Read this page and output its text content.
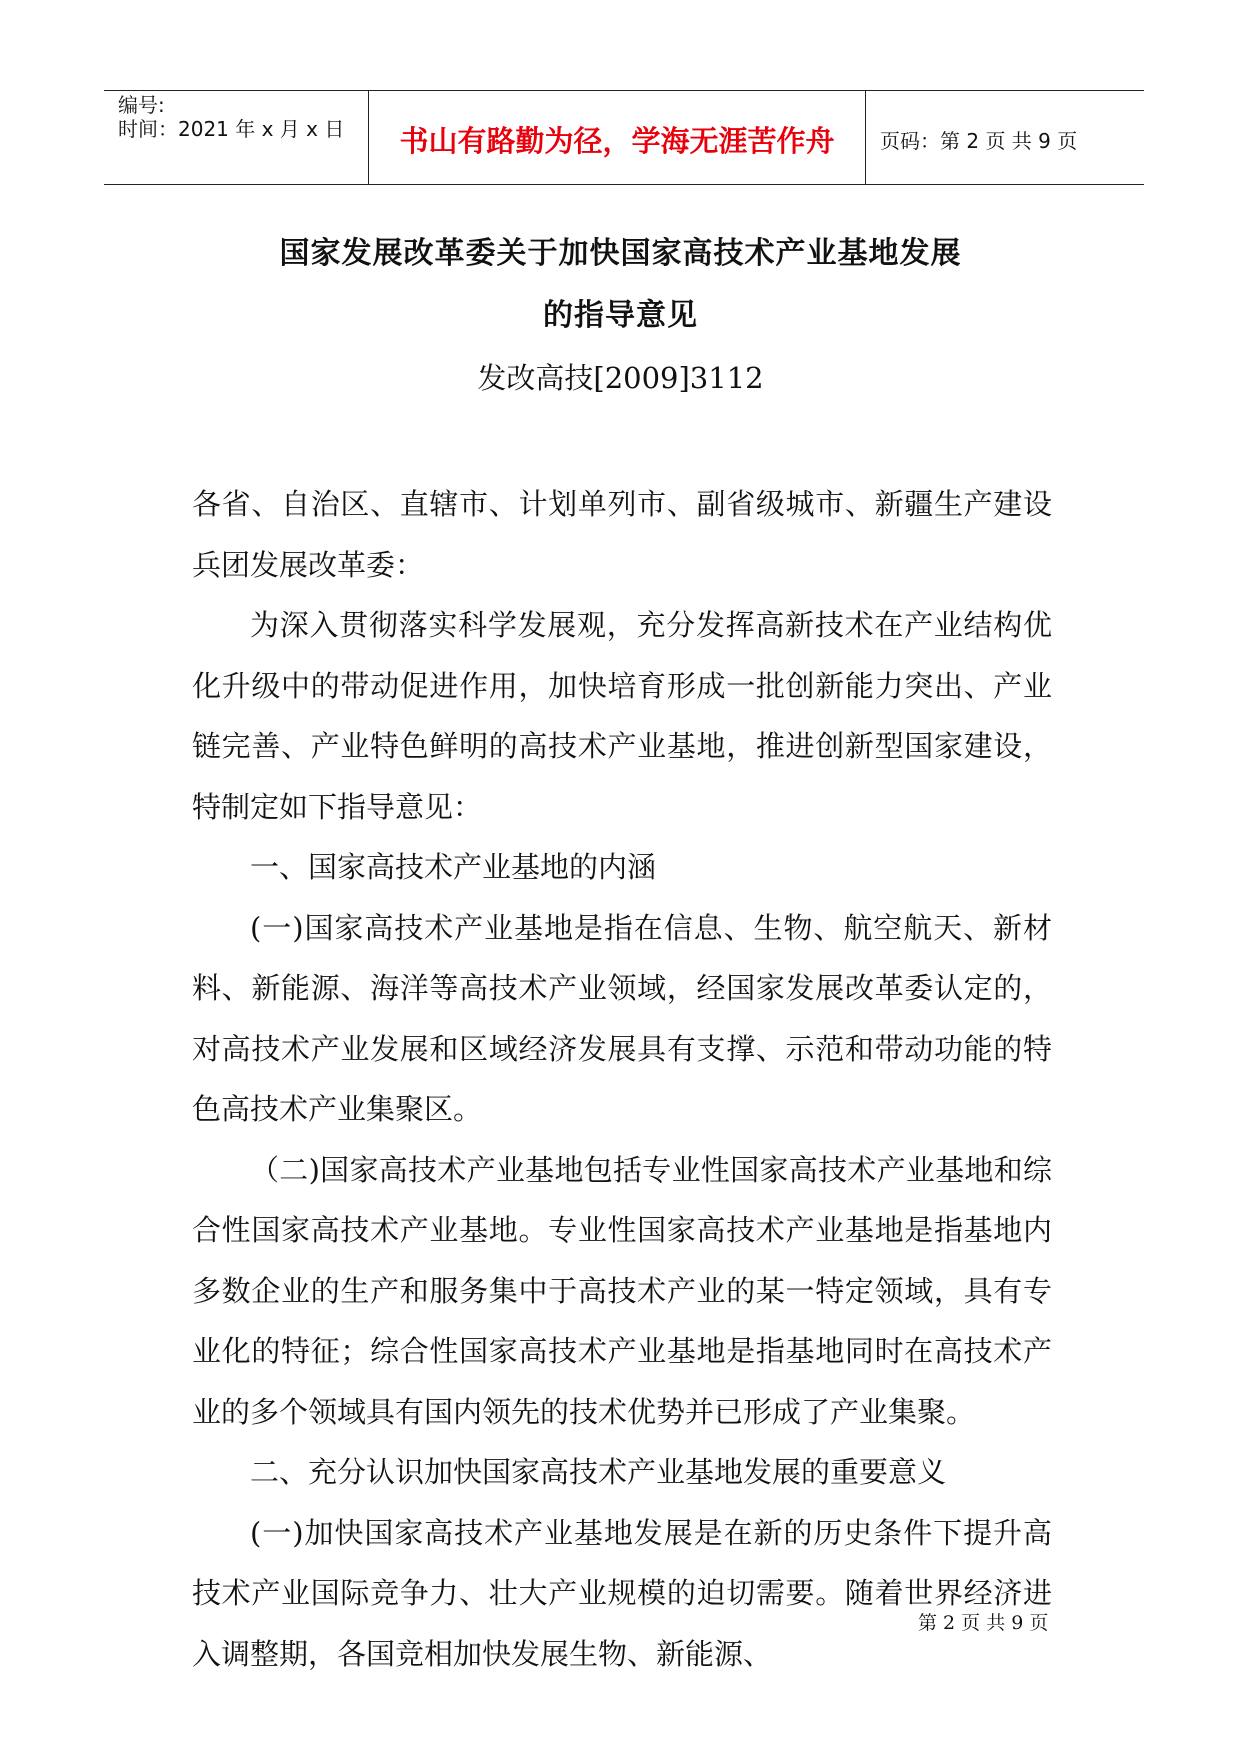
编号:
时间：2021 年 x 月 x 日	书山有路勤为径，学海无涯苦作舟	页码：第 2 页 共 9 页
国家发展改革委关于加快国家高技术产业基地发展
的指导意见
发改高技[2009]3112

各省、自治区、直辖市、计划单列市、副省级城市、新疆生产建设兵团发展改革委：

为深入贯彻落实科学发展观，充分发挥高新技术在产业结构优化升级中的带动促进作用，加快培育形成一批创新能力突出、产业链完善、产业特色鲜明的高技术产业基地，推进创新型国家建设，特制定如下指导意见：

一、国家高技术产业基地的内涵

(一)国家高技术产业基地是指在信息、生物、航空航天、新材料、新能源、海洋等高技术产业领域，经国家发展改革委认定的，对高技术产业发展和区域经济发展具有支撑、示范和带动功能的特色高技术产业集聚区。

（二)国家高技术产业基地包括专业性国家高技术产业基地和综合性国家高技术产业基地。专业性国家高技术产业基地是指基地内多数企业的生产和服务集中于高技术产业的某一特定领域，具有专业化的特征；综合性国家高技术产业基地是指基地同时在高技术产业的多个领域具有国内领先的技术优势并已形成了产业集聚。

二、充分认识加快国家高技术产业基地发展的重要意义

(一)加快国家高技术产业基地发展是在新的历史条件下提升高技术产业国际竞争力、壮大产业规模的迫切需要。随着世界经济进入调整期，各国竞相加快发展生物、新能源、

第 2 页 共 9 页
